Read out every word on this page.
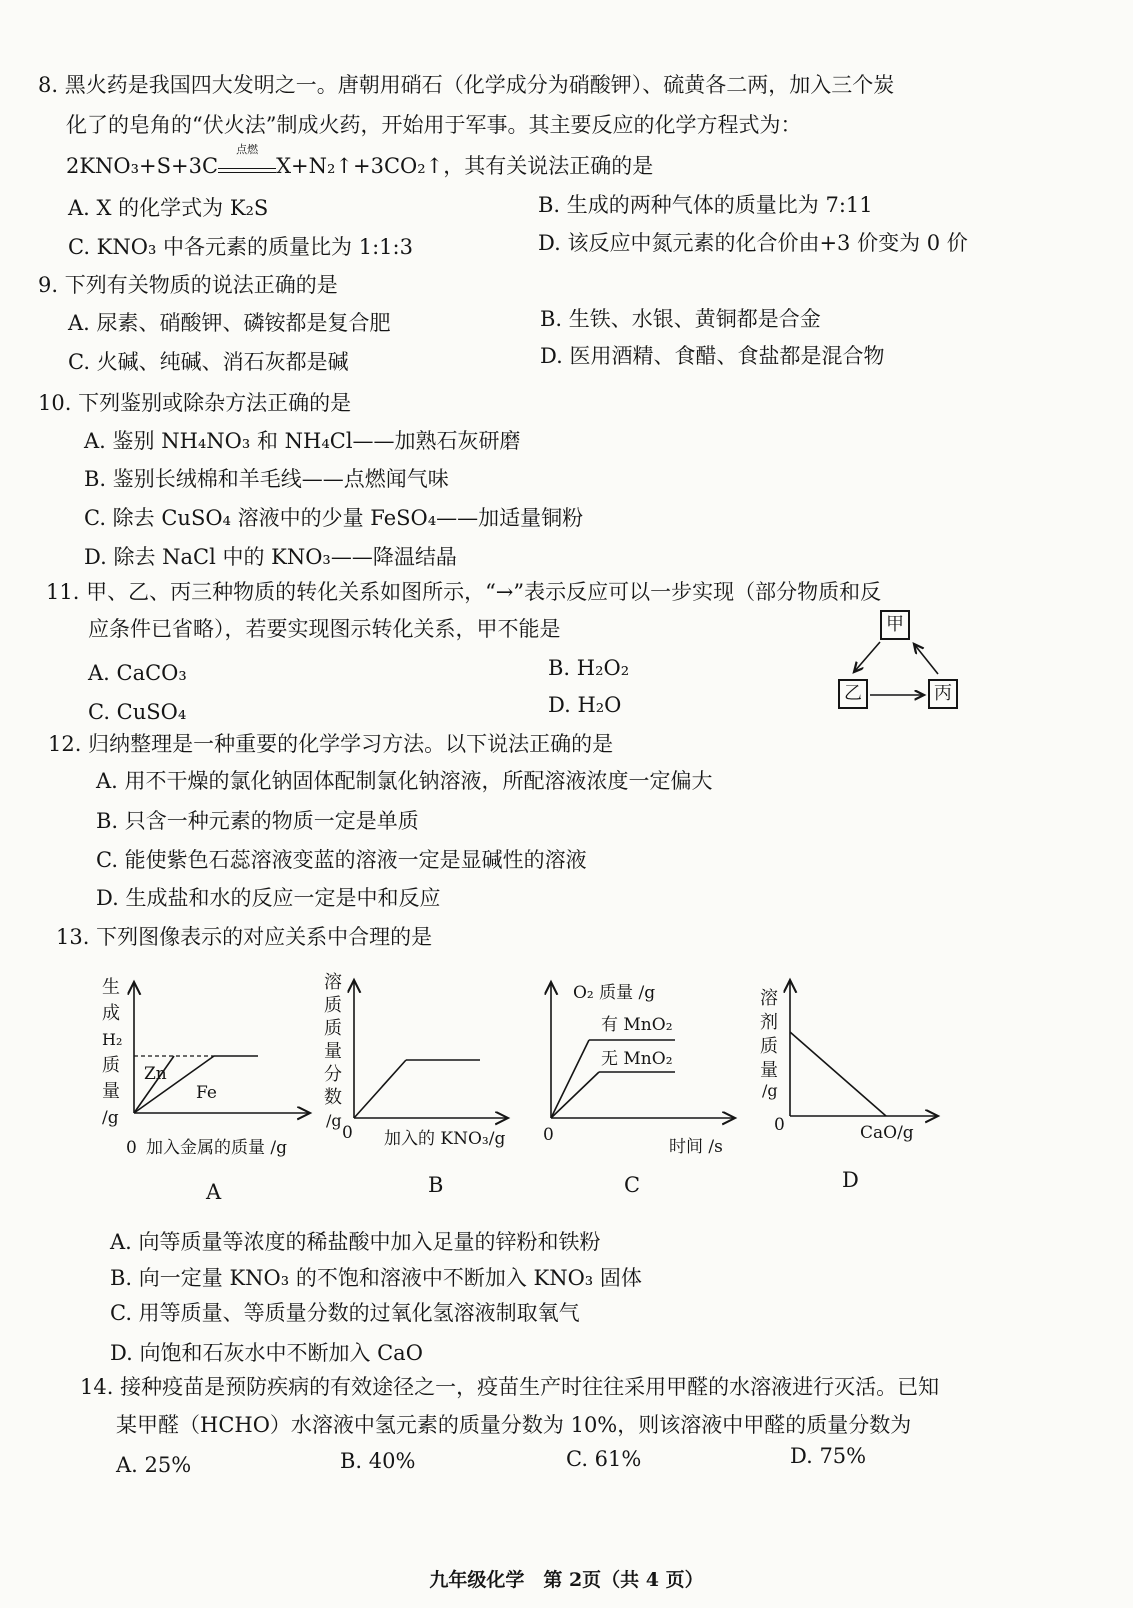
8. 黑火药是我国四大发明之一。唐朝用硝石（化学成分为硝酸钾）、硫黄各二两，加入三个炭
化了的皂角的“伏火法”制成火药，开始用于军事。其主要反应的化学方程式为：
2KNO₃+S+3C
点燃
X+N₂↑+3CO₂↑，其有关说法正确的是
A. X 的化学式为 K₂S	B. 生成的两种气体的质量比为 7:11
C. KNO₃ 中各元素的质量比为 1:1:3	D. 该反应中氮元素的化合价由+3 价变为 0 价
9. 下列有关物质的说法正确的是
A. 尿素、硝酸钾、磷铵都是复合肥	B. 生铁、水银、黄铜都是合金
C. 火碱、纯碱、消石灰都是碱	D. 医用酒精、食醋、食盐都是混合物
10. 下列鉴别或除杂方法正确的是
A. 鉴别 NH₄NO₃ 和 NH₄Cl——加熟石灰研磨
B. 鉴别长绒棉和羊毛线——点燃闻气味
C. 除去 CuSO₄ 溶液中的少量 FeSO₄——加适量铜粉
D. 除去 NaCl 中的 KNO₃——降温结晶
11. 甲、乙、丙三种物质的转化关系如图所示，“→”表示反应可以一步实现（部分物质和反
应条件已省略），若要实现图示转化关系，甲不能是
A. CaCO₃	B. H₂O₂
C. CuSO₄	D. H₂O
甲
乙	丙
12. 归纳整理是一种重要的化学学习方法。以下说法正确的是
A. 用不干燥的氯化钠固体配制氯化钠溶液，所配溶液浓度一定偏大
B. 只含一种元素的物质一定是单质
C. 能使紫色石蕊溶液变蓝的溶液一定是显碱性的溶液
D. 生成盐和水的反应一定是中和反应
13. 下列图像表示的对应关系中合理的是
生
成
H₂
质
量
/g
Zn
Fe
0 加入金属的质量 /g
A
溶
质
质
量
分
数
/g
0 加入的 KNO₃/g
B
O₂ 质量 /g
有 MnO₂
无 MnO₂
0
时间 /s
C
溶
剂
质
量
/g
0	CaO/g
D
A. 向等质量等浓度的稀盐酸中加入足量的锌粉和铁粉
B. 向一定量 KNO₃ 的不饱和溶液中不断加入 KNO₃ 固体
C. 用等质量、等质量分数的过氧化氢溶液制取氧气
D. 向饱和石灰水中不断加入 CaO
14. 接种疫苗是预防疾病的有效途径之一，疫苗生产时往往采用甲醛的水溶液进行灭活。已知
某甲醛（HCHO）水溶液中氢元素的质量分数为 10%，则该溶液中甲醛的质量分数为
A. 25%	B. 40%	C. 61%	D. 75%
九年级化学　第 2页（共 4 页）
